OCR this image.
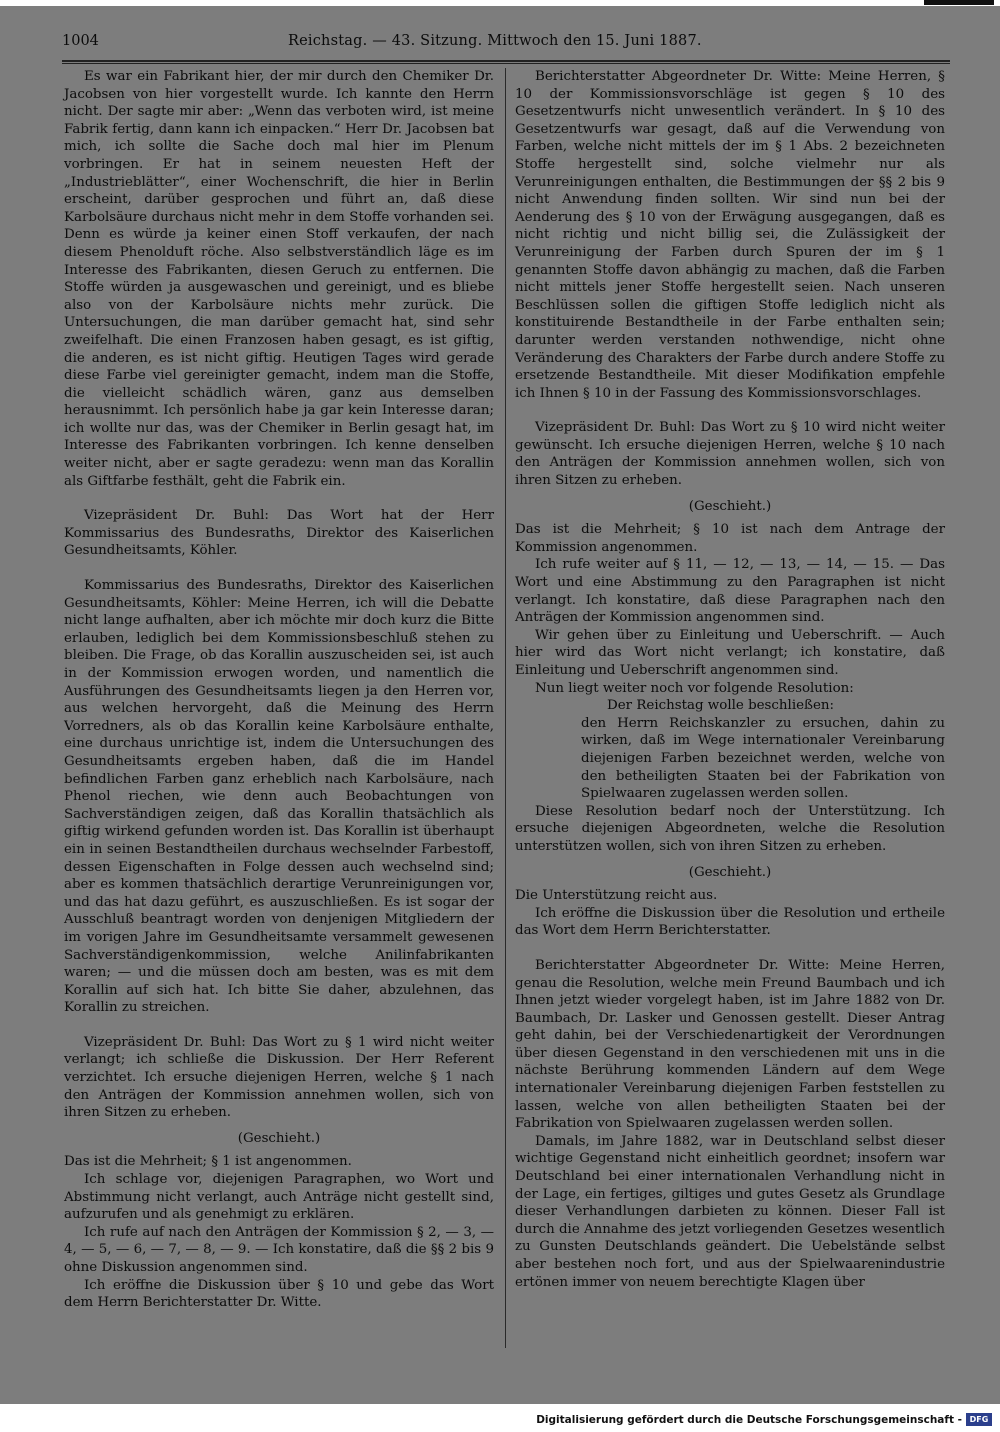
1004	Reichstag. — 43. Sitzung. Mittwoch den 15. Juni 1887.

Es war ein Fabrikant hier, der mir durch den Chemiker Dr. Jacobsen von hier vorgestellt wurde. Ich kannte den Herrn nicht. Der sagte mir aber: „Wenn das verboten wird, ist meine Fabrik fertig, dann kann ich einpacken.“ Herr Dr. Jacobsen bat mich, ich sollte die Sache doch mal hier im Plenum vorbringen. Er hat in seinem neuesten Heft der „Industrieblätter“, einer Wochenschrift, die hier in Berlin erscheint, darüber gesprochen und führt an, daß diese Karbolsäure durchaus nicht mehr in dem Stoffe vorhanden sei. Denn es würde ja keiner einen Stoff verkaufen, der nach diesem Phenolduft röche. Also selbstverständlich läge es im Interesse des Fabrikanten, diesen Geruch zu entfernen. Die Stoffe würden ja ausgewaschen und gereinigt, und es bliebe also von der Karbolsäure nichts mehr zurück. Die Untersuchungen, die man darüber gemacht hat, sind sehr zweifelhaft. Die einen Franzosen haben gesagt, es ist giftig, die anderen, es ist nicht giftig. Heutigen Tages wird gerade diese Farbe viel gereinigter gemacht, indem man die Stoffe, die vielleicht schädlich wären, ganz aus demselben herausnimmt. Ich persönlich habe ja gar kein Interesse daran; ich wollte nur das, was der Chemiker in Berlin gesagt hat, im Interesse des Fabrikanten vorbringen. Ich kenne denselben weiter nicht, aber er sagte geradezu: wenn man das Korallin als Giftfarbe festhält, geht die Fabrik ein.

Vizepräsident Dr. Buhl: Das Wort hat der Herr Kommissarius des Bundesraths, Direktor des Kaiserlichen Gesundheitsamts, Köhler.

Kommissarius des Bundesraths, Direktor des Kaiserlichen Gesundheitsamts, Köhler: Meine Herren, ich will die Debatte nicht lange aufhalten, aber ich möchte mir doch kurz die Bitte erlauben, lediglich bei dem Kommissionsbeschluß stehen zu bleiben. Die Frage, ob das Korallin auszuscheiden sei, ist auch in der Kommission erwogen worden, und namentlich die Ausführungen des Gesundheitsamts liegen ja den Herren vor, aus welchen hervorgeht, daß die Meinung des Herrn Vorredners, als ob das Korallin keine Karbolsäure enthalte, eine durchaus unrichtige ist, indem die Untersuchungen des Gesundheitsamts ergeben haben, daß die im Handel befindlichen Farben ganz erheblich nach Karbolsäure, nach Phenol riechen, wie denn auch Beobachtungen von Sachverständigen zeigen, daß das Korallin thatsächlich als giftig wirkend gefunden worden ist. Das Korallin ist überhaupt ein in seinen Bestandtheilen durchaus wechselnder Farbestoff, dessen Eigenschaften in Folge dessen auch wechselnd sind; aber es kommen thatsächlich derartige Verunreinigungen vor, und das hat dazu geführt, es auszuschließen. Es ist sogar der Ausschluß beantragt worden von denjenigen Mitgliedern der im vorigen Jahre im Gesundheitsamte versammelt gewesenen Sachverständigenkommission, welche Anilinfabrikanten waren; — und die müssen doch am besten, was es mit dem Korallin auf sich hat. Ich bitte Sie daher, abzulehnen, das Korallin zu streichen.

Vizepräsident Dr. Buhl: Das Wort zu § 1 wird nicht weiter verlangt; ich schließe die Diskussion. Der Herr Referent verzichtet. Ich ersuche diejenigen Herren, welche § 1 nach den Anträgen der Kommission annehmen wollen, sich von ihren Sitzen zu erheben.

(Geschieht.)

Das ist die Mehrheit; § 1 ist angenommen.

Ich schlage vor, diejenigen Paragraphen, wo Wort und Abstimmung nicht verlangt, auch Anträge nicht gestellt sind, aufzurufen und als genehmigt zu erklären.

Ich rufe auf nach den Anträgen der Kommission § 2, — 3, — 4, — 5, — 6, — 7, — 8, — 9. — Ich konstatire, daß die §§ 2 bis 9 ohne Diskussion angenommen sind.

Ich eröffne die Diskussion über § 10 und gebe das Wort dem Herrn Berichterstatter Dr. Witte.

Berichterstatter Abgeordneter Dr. Witte: Meine Herren, § 10 der Kommissionsvorschläge ist gegen § 10 des Gesetzentwurfs nicht unwesentlich verändert. In § 10 des Gesetzentwurfs war gesagt, daß auf die Verwendung von Farben, welche nicht mittels der im § 1 Abs. 2 bezeichneten Stoffe hergestellt sind, solche vielmehr nur als Verunreinigungen enthalten, die Bestimmungen der §§ 2 bis 9 nicht Anwendung finden sollten. Wir sind nun bei der Aenderung des § 10 von der Erwägung ausgegangen, daß es nicht richtig und nicht billig sei, die Zulässigkeit der Verunreinigung der Farben durch Spuren der im § 1 genannten Stoffe davon abhängig zu machen, daß die Farben nicht mittels jener Stoffe hergestellt seien. Nach unseren Beschlüssen sollen die giftigen Stoffe lediglich nicht als konstituirende Bestandtheile in der Farbe enthalten sein; darunter werden verstanden nothwendige, nicht ohne Veränderung des Charakters der Farbe durch andere Stoffe zu ersetzende Bestandtheile. Mit dieser Modifikation empfehle ich Ihnen § 10 in der Fassung des Kommissionsvorschlages.

Vizepräsident Dr. Buhl: Das Wort zu § 10 wird nicht weiter gewünscht. Ich ersuche diejenigen Herren, welche § 10 nach den Anträgen der Kommission annehmen wollen, sich von ihren Sitzen zu erheben.

(Geschieht.)

Das ist die Mehrheit; § 10 ist nach dem Antrage der Kommission angenommen.

Ich rufe weiter auf § 11, — 12, — 13, — 14, — 15. — Das Wort und eine Abstimmung zu den Paragraphen ist nicht verlangt. Ich konstatire, daß diese Paragraphen nach den Anträgen der Kommission angenommen sind.

Wir gehen über zu Einleitung und Ueberschrift. — Auch hier wird das Wort nicht verlangt; ich konstatire, daß Einleitung und Ueberschrift angenommen sind.

Nun liegt weiter noch vor folgende Resolution:

Der Reichstag wolle beschließen:

den Herrn Reichskanzler zu ersuchen, dahin zu wirken, daß im Wege internationaler Vereinbarung diejenigen Farben bezeichnet werden, welche von den betheiligten Staaten bei der Fabrikation von Spielwaaren zugelassen werden sollen.

Diese Resolution bedarf noch der Unterstützung. Ich ersuche diejenigen Abgeordneten, welche die Resolution unterstützen wollen, sich von ihren Sitzen zu erheben.

(Geschieht.)

Die Unterstützung reicht aus.

Ich eröffne die Diskussion über die Resolution und ertheile das Wort dem Herrn Berichterstatter.

Berichterstatter Abgeordneter Dr. Witte: Meine Herren, genau die Resolution, welche mein Freund Baumbach und ich Ihnen jetzt wieder vorgelegt haben, ist im Jahre 1882 von Dr. Baumbach, Dr. Lasker und Genossen gestellt. Dieser Antrag geht dahin, bei der Verschiedenartigkeit der Verordnungen über diesen Gegenstand in den verschiedenen mit uns in die nächste Berührung kommenden Ländern auf dem Wege internationaler Vereinbarung diejenigen Farben feststellen zu lassen, welche von allen betheiligten Staaten bei der Fabrikation von Spielwaaren zugelassen werden sollen.

Damals, im Jahre 1882, war in Deutschland selbst dieser wichtige Gegenstand nicht einheitlich geordnet; insofern war Deutschland bei einer internationalen Verhandlung nicht in der Lage, ein fertiges, giltiges und gutes Gesetz als Grundlage dieser Verhandlungen darbieten zu können. Dieser Fall ist durch die Annahme des jetzt vorliegenden Gesetzes wesentlich zu Gunsten Deutschlands geändert. Die Uebelstände selbst aber bestehen noch fort, und aus der Spielwaarenindustrie ertönen immer von neuem berechtigte Klagen über

Digitalisierung gefördert durch die Deutsche Forschungsgemeinschaft - DFG
